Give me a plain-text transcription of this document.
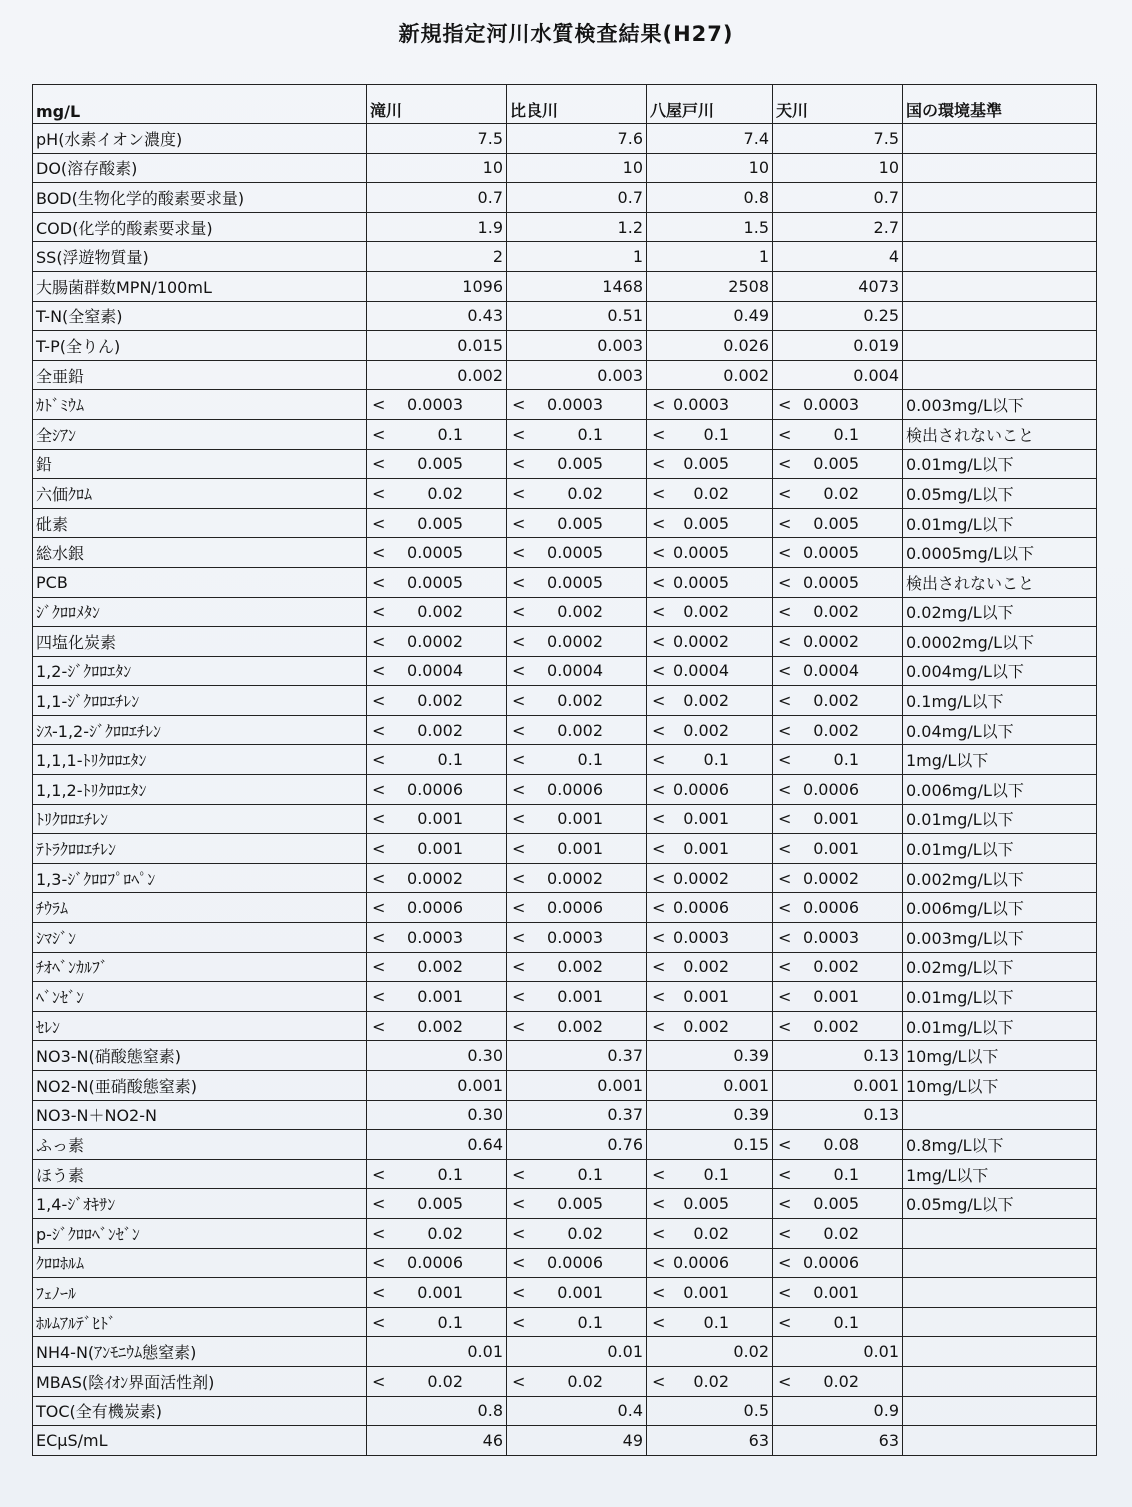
新規指定河川水質検査結果(H27)
mg/L	滝川	比良川	八屋戸川	天川	国の環境基準
pH(水素イオン濃度)	7.5	7.6	7.4	7.5	
DO(溶存酸素)	10	10	10	10	
BOD(生物化学的酸素要求量)	0.7	0.7	0.8	0.7	
COD(化学的酸素要求量)	1.9	1.2	1.5	2.7	
SS(浮遊物質量)	2	1	1	4	
大腸菌群数MPN/100mL	1096	1468	2508	4073	
T-N(全窒素)	0.43	0.51	0.49	0.25	
T-P(全りん)	0.015	0.003	0.026	0.019	
全亜鉛	0.002	0.003	0.002	0.004	
ｶﾄﾞﾐｳﾑ	< 0.0003	< 0.0003	< 0.0003	< 0.0003	0.003mg/L以下
全ｼｱﾝ	< 0.1	< 0.1	< 0.1	< 0.1	検出されないこと
鉛	< 0.005	< 0.005	< 0.005	< 0.005	0.01mg/L以下
六価ｸﾛﾑ	< 0.02	< 0.02	< 0.02	< 0.02	0.05mg/L以下
砒素	< 0.005	< 0.005	< 0.005	< 0.005	0.01mg/L以下
総水銀	< 0.0005	< 0.0005	< 0.0005	< 0.0005	0.0005mg/L以下
PCB	< 0.0005	< 0.0005	< 0.0005	< 0.0005	検出されないこと
ｼﾞｸﾛﾛﾒﾀﾝ	< 0.002	< 0.002	< 0.002	< 0.002	0.02mg/L以下
四塩化炭素	< 0.0002	< 0.0002	< 0.0002	< 0.0002	0.0002mg/L以下
1,2-ｼﾞｸﾛﾛｴﾀﾝ	< 0.0004	< 0.0004	< 0.0004	< 0.0004	0.004mg/L以下
1,1-ｼﾞｸﾛﾛｴﾁﾚﾝ	< 0.002	< 0.002	< 0.002	< 0.002	0.1mg/L以下
ｼｽ-1,2-ｼﾞｸﾛﾛｴﾁﾚﾝ	< 0.002	< 0.002	< 0.002	< 0.002	0.04mg/L以下
1,1,1-ﾄﾘｸﾛﾛｴﾀﾝ	< 0.1	< 0.1	< 0.1	< 0.1	1mg/L以下
1,1,2-ﾄﾘｸﾛﾛｴﾀﾝ	< 0.0006	< 0.0006	< 0.0006	< 0.0006	0.006mg/L以下
ﾄﾘｸﾛﾛｴﾁﾚﾝ	< 0.001	< 0.001	< 0.001	< 0.001	0.01mg/L以下
ﾃﾄﾗｸﾛﾛｴﾁﾚﾝ	< 0.001	< 0.001	< 0.001	< 0.001	0.01mg/L以下
1,3-ｼﾞｸﾛﾛﾌﾟﾛﾍﾟﾝ	< 0.0002	< 0.0002	< 0.0002	< 0.0002	0.002mg/L以下
ﾁｳﾗﾑ	< 0.0006	< 0.0006	< 0.0006	< 0.0006	0.006mg/L以下
ｼﾏｼﾞﾝ	< 0.0003	< 0.0003	< 0.0003	< 0.0003	0.003mg/L以下
ﾁｵﾍﾞﾝｶﾙﾌﾞ	< 0.002	< 0.002	< 0.002	< 0.002	0.02mg/L以下
ﾍﾞﾝｾﾞﾝ	< 0.001	< 0.001	< 0.001	< 0.001	0.01mg/L以下
ｾﾚﾝ	< 0.002	< 0.002	< 0.002	< 0.002	0.01mg/L以下
NO3-N(硝酸態窒素)	0.30	0.37	0.39	0.13	10mg/L以下
NO2-N(亜硝酸態窒素)	0.001	0.001	0.001	0.001	10mg/L以下
NO3-N＋NO2-N	0.30	0.37	0.39	0.13	
ふっ素	0.64	0.76	0.15	< 0.08	0.8mg/L以下
ほう素	< 0.1	< 0.1	< 0.1	< 0.1	1mg/L以下
1,4-ｼﾞｵｷｻﾝ	< 0.005	< 0.005	< 0.005	< 0.005	0.05mg/L以下
p-ｼﾞｸﾛﾛﾍﾞﾝｾﾞﾝ	< 0.02	< 0.02	< 0.02	< 0.02	
ｸﾛﾛﾎﾙﾑ	< 0.0006	< 0.0006	< 0.0006	< 0.0006	
ﾌｪﾉｰﾙ	< 0.001	< 0.001	< 0.001	< 0.001	
ﾎﾙﾑｱﾙﾃﾞﾋﾄﾞ	< 0.1	< 0.1	< 0.1	< 0.1	
NH4-N(ｱﾝﾓﾆｳﾑ態窒素)	0.01	0.01	0.02	0.01	
MBAS(陰ｲｵﾝ界面活性剤)	< 0.02	< 0.02	< 0.02	< 0.02	
TOC(全有機炭素)	0.8	0.4	0.5	0.9	
ECμS/mL	46	49	63	63	
